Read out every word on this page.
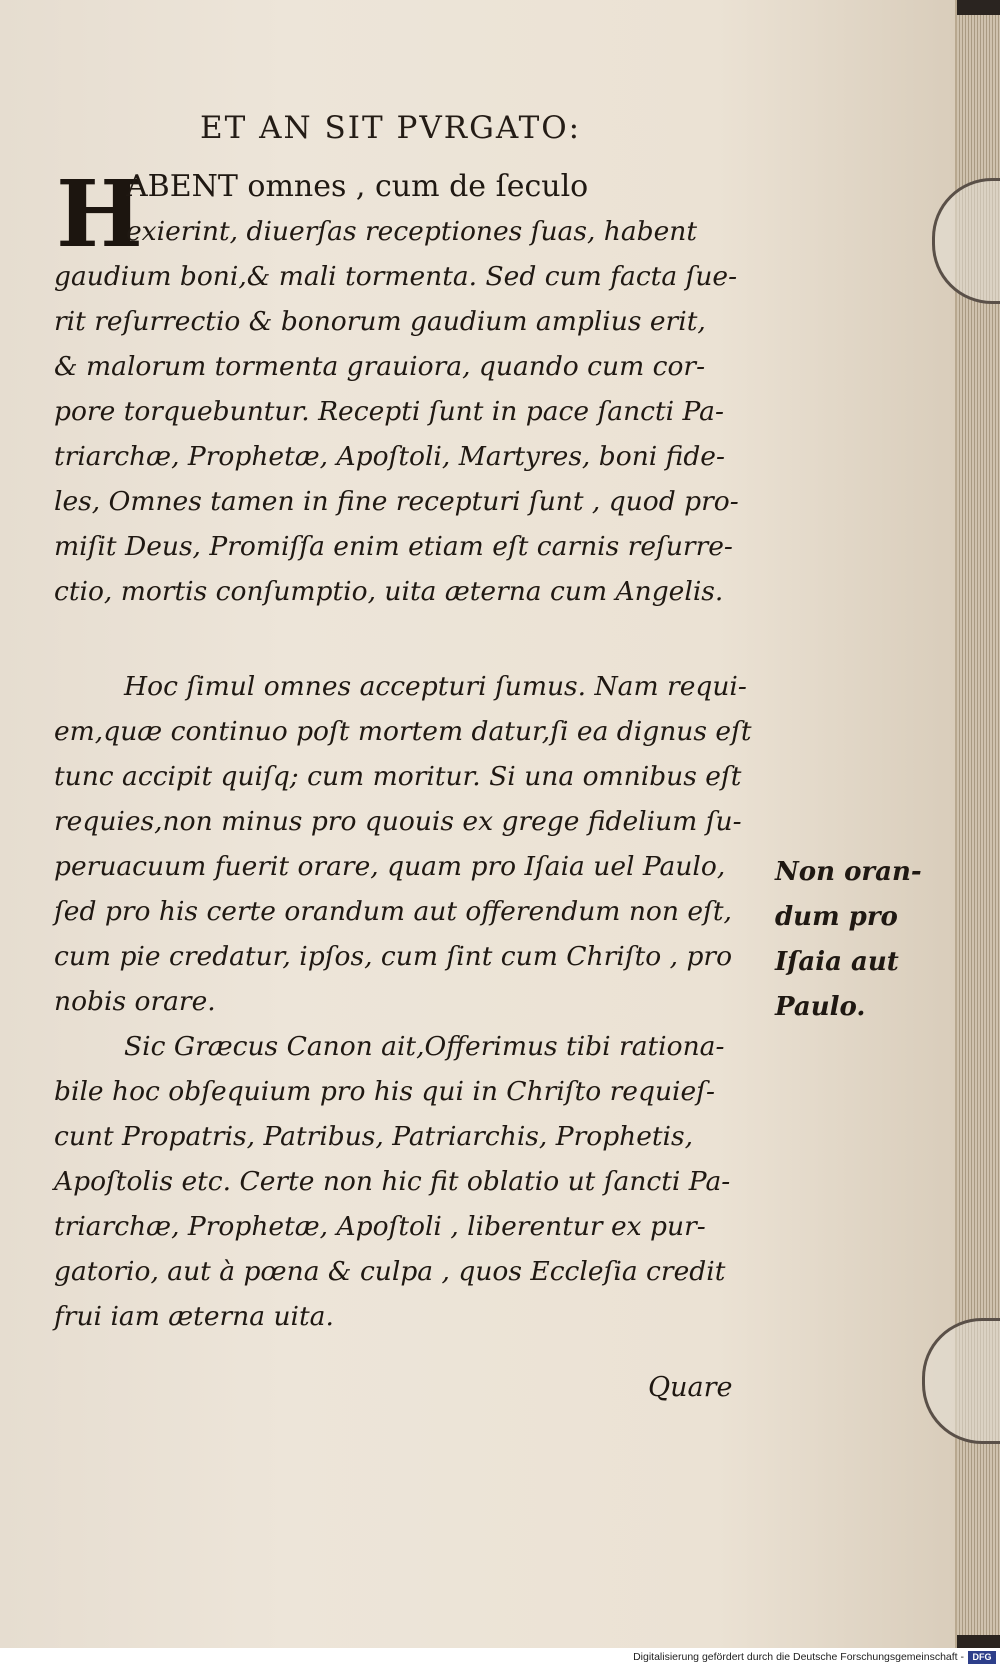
ET AN SIT PVRGATO:
H
ABENT omnes , cum de ſeculo
exierint, diuerſas receptiones ſuas, habent
gaudium boni,& mali tormenta. Sed cum facta ſue-
rit reſurrectio & bonorum gaudium amplius erit,
& malorum tormenta grauiora, quando cum cor-
pore torquebuntur. Recepti ſunt in pace ſancti Pa-
triarchæ, Prophetæ, Apoſtoli, Martyres, boni fide-
les, Omnes tamen in fine recepturi ſunt , quod pro-
miſit Deus, Promiſſa enim etiam eſt carnis reſurre-
ctio, mortis conſumptio, uita æterna cum Angelis.
Hoc ſimul omnes accepturi ſumus. Nam requi-
em,quæ continuo poſt mortem datur,ſi ea dignus eſt
tunc accipit quiſq; cum moritur. Si una omnibus eſt
requies,non minus pro quouis ex grege fidelium ſu-
peruacuum fuerit orare, quam pro Iſaia uel Paulo,
ſed pro his certe orandum aut offerendum non eſt,
cum pie credatur, ipſos, cum ſint cum Chriſto , pro
nobis orare.
Sic Græcus Canon ait,Offerimus tibi rationa-
bile hoc obſequium pro his qui in Chriſto requieſ-
cunt Propatris, Patribus, Patriarchis, Prophetis,
Apoſtolis etc. Certe non hic fit oblatio ut ſancti Pa-
triarchæ, Prophetæ, Apoſtoli , liberentur ex pur-
gatorio, aut à pœna & culpa , quos Eccleſia credit
frui iam æterna uita.
Non oran-
dum pro
Iſaia aut
Paulo.
Quare
Digitalisierung gefördert durch die Deutsche Forschungsgemeinschaft - DFG
